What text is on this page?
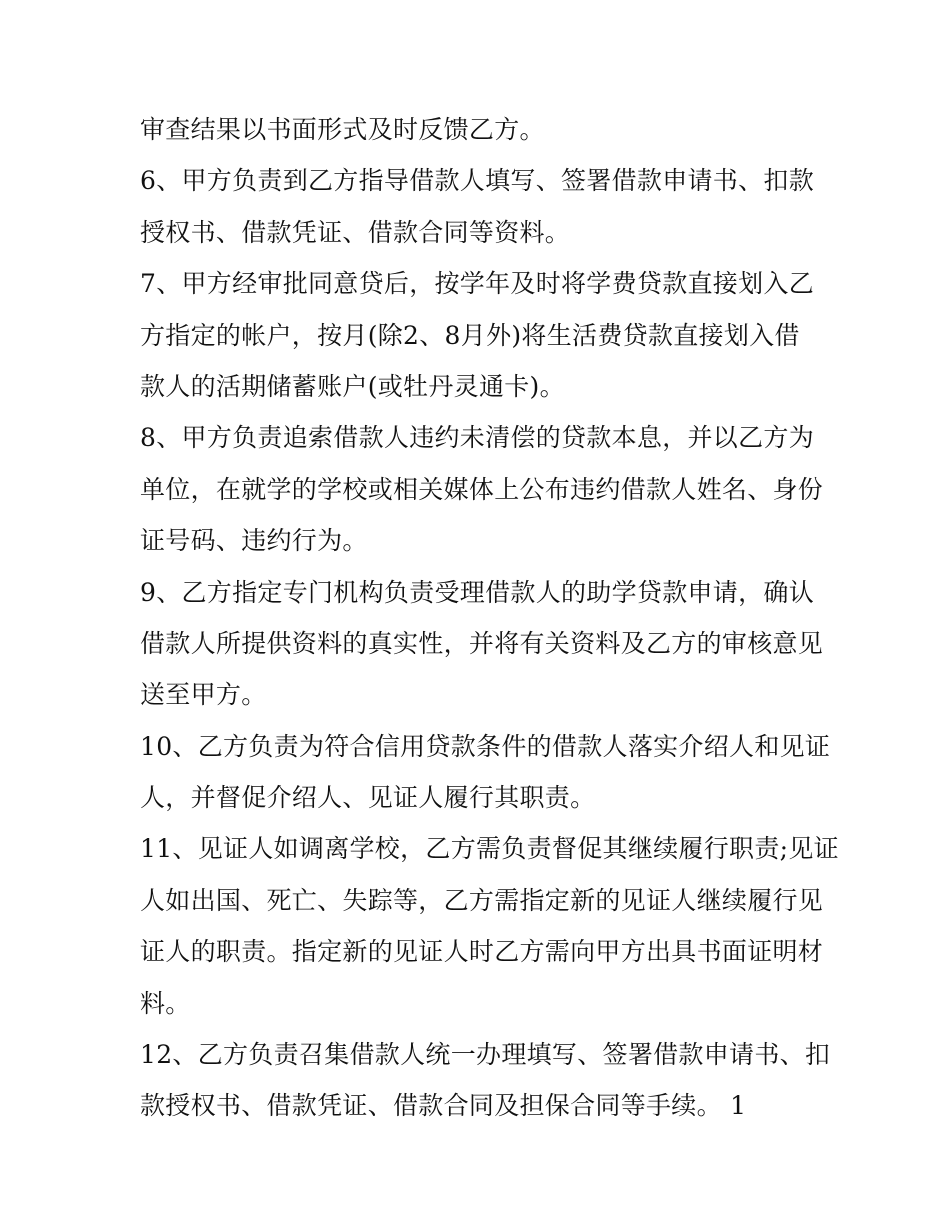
审查结果以书面形式及时反馈乙方。
6、甲方负责到乙方指导借款人填写、签署借款申请书、扣款
授权书、借款凭证、借款合同等资料。
7、甲方经审批同意贷后，按学年及时将学费贷款直接划入乙
方指定的帐户，按月(除2、8月外)将生活费贷款直接划入借
款人的活期储蓄账户(或牡丹灵通卡)。
8、甲方负责追索借款人违约未清偿的贷款本息，并以乙方为
单位，在就学的学校或相关媒体上公布违约借款人姓名、身份
证号码、违约行为。
9、乙方指定专门机构负责受理借款人的助学贷款申请，确认
借款人所提供资料的真实性，并将有关资料及乙方的审核意见
送至甲方。
10、乙方负责为符合信用贷款条件的借款人落实介绍人和见证
人，并督促介绍人、见证人履行其职责。
11、见证人如调离学校，乙方需负责督促其继续履行职责;见证
人如出国、死亡、失踪等，乙方需指定新的见证人继续履行见
证人的职责。指定新的见证人时乙方需向甲方出具书面证明材
料。
12、乙方负责召集借款人统一办理填写、签署借款申请书、扣
款授权书、借款凭证、借款合同及担保合同等手续。 1
